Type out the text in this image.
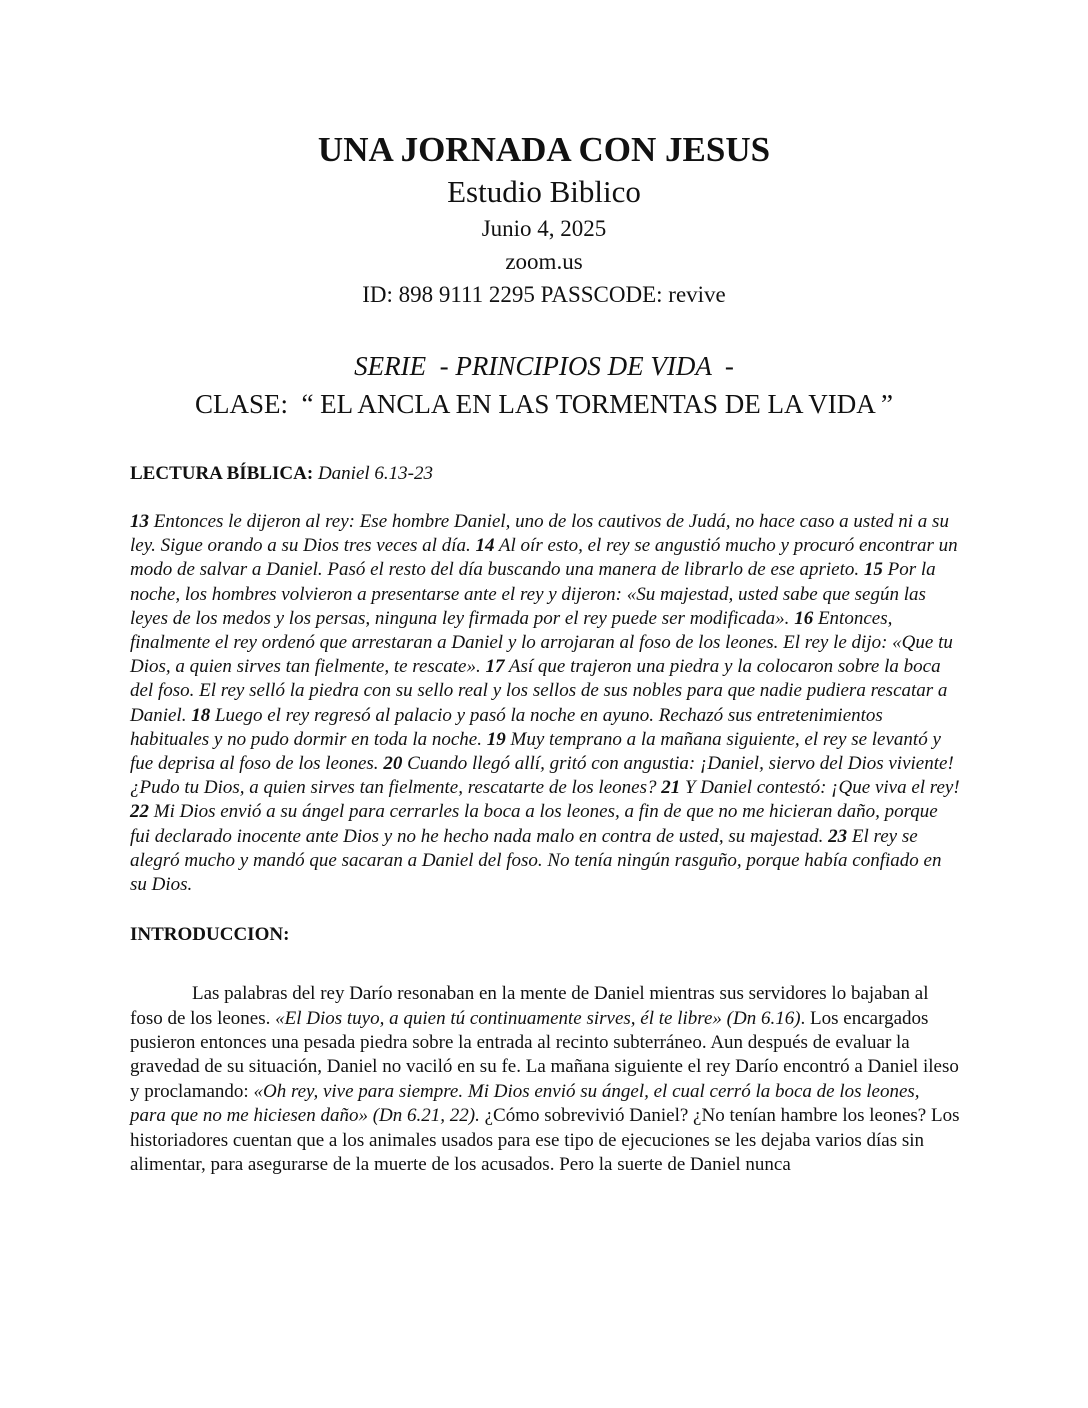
UNA JORNADA CON JESUS
Estudio Biblico
Junio 4, 2025
zoom.us
ID: 898 9111 2295 PASSCODE: revive
SERIE  - PRINCIPIOS DE VIDA  -
CLASE:  “ EL ANCLA EN LAS TORMENTAS DE LA VIDA ”

LECTURA BÍBLICA: Daniel 6.13-23

13 Entonces le dijeron al rey: Ese hombre Daniel, uno de los cautivos de Judá, no hace caso a usted ni a su ley. Sigue orando a su Dios tres veces al día. 14 Al oír esto, el rey se angustió mucho y procuró encontrar un modo de salvar a Daniel. Pasó el resto del día buscando una manera de librarlo de ese aprieto. 15 Por la noche, los hombres volvieron a presentarse ante el rey y dijeron: «Su majestad, usted sabe que según las leyes de los medos y los persas, ninguna ley firmada por el rey puede ser modificada». 16 Entonces, finalmente el rey ordenó que arrestaran a Daniel y lo arrojaran al foso de los leones. El rey le dijo: «Que tu Dios, a quien sirves tan fielmente, te rescate». 17 Así que trajeron una piedra y la colocaron sobre la boca del foso. El rey selló la piedra con su sello real y los sellos de sus nobles para que nadie pudiera rescatar a Daniel. 18 Luego el rey regresó al palacio y pasó la noche en ayuno. Rechazó sus entretenimientos habituales y no pudo dormir en toda la noche. 19 Muy temprano a la mañana siguiente, el rey se levantó y fue deprisa al foso de los leones. 20 Cuando llegó allí, gritó con angustia: ¡Daniel, siervo del Dios viviente! ¿Pudo tu Dios, a quien sirves tan fielmente, rescatarte de los leones? 21 Y Daniel contestó: ¡Que viva el rey! 22 Mi Dios envió a su ángel para cerrarles la boca a los leones, a fin de que no me hicieran daño, porque fui declarado inocente ante Dios y no he hecho nada malo en contra de usted, su majestad. 23 El rey se alegró mucho y mandó que sacaran a Daniel del foso. No tenía ningún rasguño, porque había confiado en su Dios.

INTRODUCCION:

Las palabras del rey Darío resonaban en la mente de Daniel mientras sus servidores lo bajaban al foso de los leones. «El Dios tuyo, a quien tú continuamente sirves, él te libre» (Dn 6.16). Los encargados pusieron entonces una pesada piedra sobre la entrada al recinto subterráneo. Aun después de evaluar la gravedad de su situación, Daniel no vaciló en su fe. La mañana siguiente el rey Darío encontró a Daniel ileso y proclamando: «Oh rey, vive para siempre. Mi Dios envió su ángel, el cual cerró la boca de los leones, para que no me hiciesen daño» (Dn 6.21, 22). ¿Cómo sobrevivió Daniel? ¿No tenían hambre los leones? Los historiadores cuentan que a los animales usados para ese tipo de ejecuciones se les dejaba varios días sin alimentar, para asegurarse de la muerte de los acusados. Pero la suerte de Daniel nunca
